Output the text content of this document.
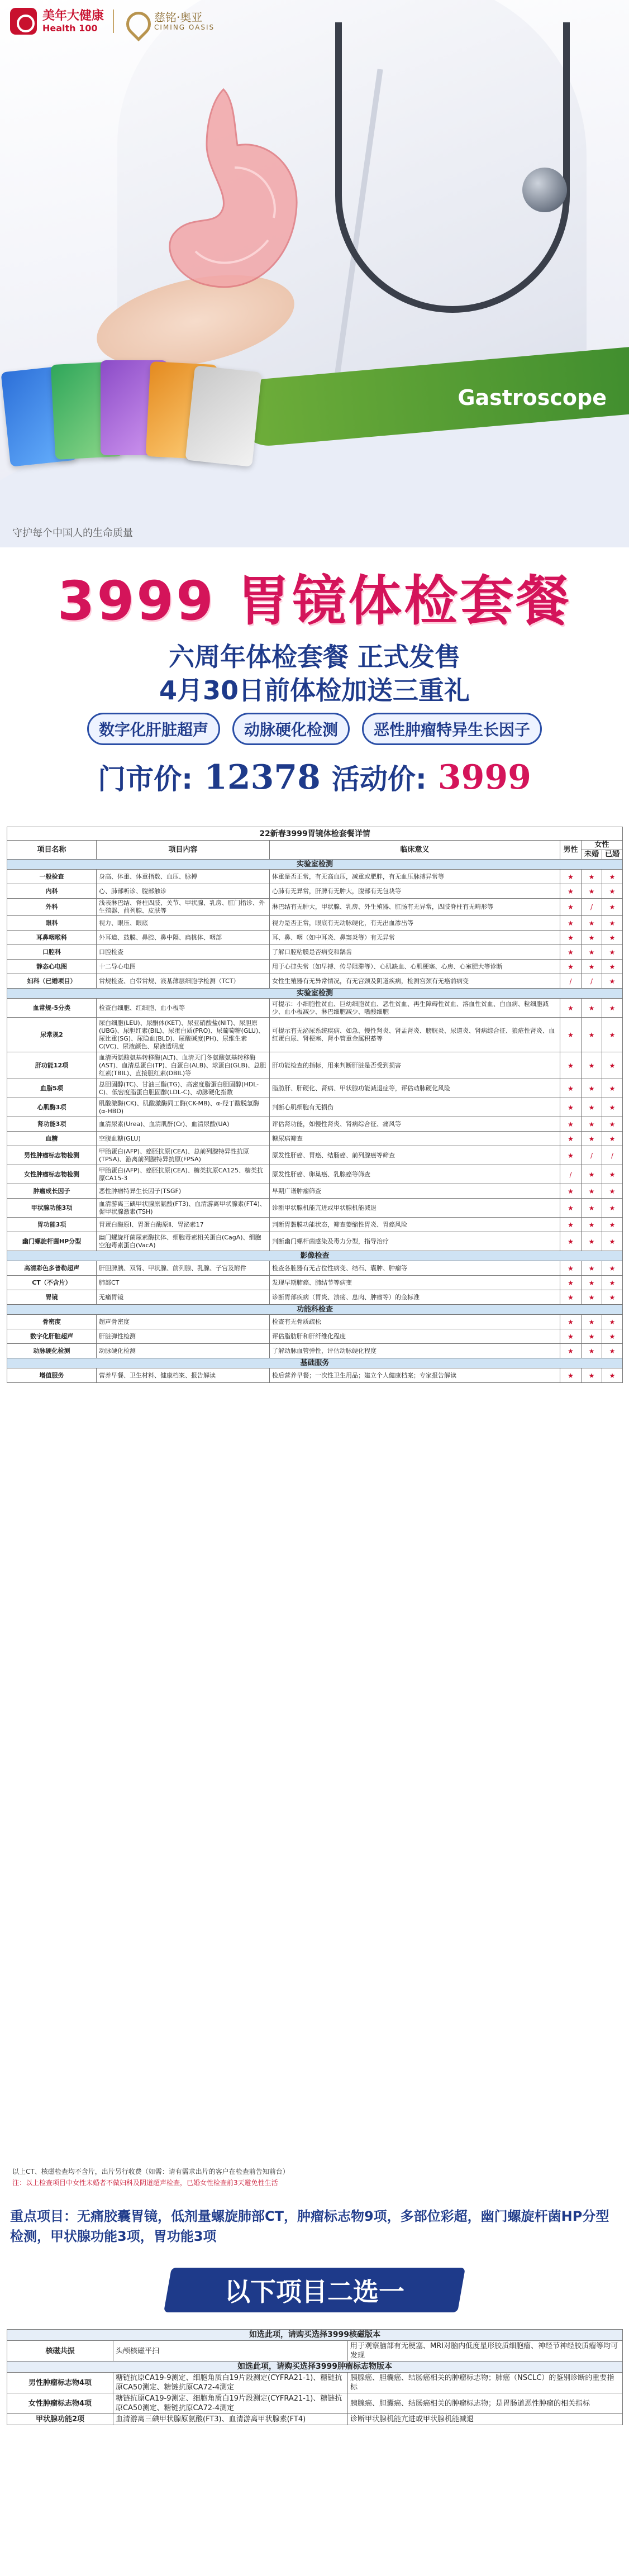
Gastroscope
美年大健康
Health 100
慈铭·奥亚
CIMING OASIS
守护每个中国人的生命质量
3999 胃镜体检套餐
六周年体检套餐 正式发售
4月30日前体检加送三重礼
数字化肝脏超声	动脉硬化检测	恶性肿瘤特异生长因子
门市价: 12378 活动价: 3999
22新春3999胃镜体检套餐详情					
项目名称	项目内容	临床意义	男性	女性	
				未婚	已婚
实验室检测					
一般检查	身高、体重、体重指数、血压、脉搏	体重是否正常，有无高血压，减重或肥胖，有无血压脉搏异常等	★	★	★
内科	心、肺部听诊、腹部触诊	心肺有无异常，肝脾有无肿大，腹部有无包块等	★	★	★
外科	浅表淋巴结、脊柱四肢、关节、甲状腺、乳房、肛门指诊、外生殖器、前列腺、皮肤等	淋巴结有无肿大，甲状腺、乳房、外生殖器、肛肠有无异常，四肢脊柱有无畸形等	★	/	★
眼科	视力、眼压、眼底	视力是否正常，眼底有无动脉硬化，有无出血渗出等	★	★	★
耳鼻咽喉科	外耳道、鼓膜、鼻腔、鼻中隔、扁桃体、咽部	耳、鼻、咽（如中耳炎、鼻窦炎等）有无异常	★	★	★
口腔科	口腔检查	了解口腔粘膜是否病变和龋齿	★	★	★
静态心电图	十二导心电图	用于心律失常（如早搏、传导阻滞等）、心肌缺血、心肌梗塞、心房、心室肥大等诊断	★	★	★
妇科（已婚项目）	常规检查、白带常规、液基薄层细胞学检测（TCT）	女性生殖器有无异常情况，有无宫颈及阴道疾病，检测宫颈有无癌前病变	/	/	★
实验室检测					
血常规-5分类	检查白细胞、红细胞、血小板等	可提示：小细胞性贫血、巨幼细胞贫血、恶性贫血、再生障碍性贫血、溶血性贫血、白血病、粒细胞减少、血小板减少、淋巴细胞减少、嗜酸细胞	★	★	★
尿常规2	尿白细胞(LEU)、尿酮体(KET)、尿亚硝酸盐(NIT)、尿胆原(UBG)、尿胆红素(BIL)、尿蛋白质(PRO)、尿葡萄糖(GLU)、尿比重(SG)、尿隐血(BLD)、尿酸碱度(PH)、尿维生素C(VC)、尿液颜色、尿液透明度	可提示有无泌尿系统疾病、如急、慢性肾炎、肾盂肾炎、膀胱炎、尿道炎、肾病综合征、狼疮性肾炎、血红蛋白尿、肾梗塞、肾小管重金属积蓄等	★	★	★
肝功能12项	血清丙氨酸氨基转移酶(ALT)、血清天门冬氨酸氨基转移酶(AST)、血清总蛋白(TP)、白蛋白(ALB)、球蛋白(GLB)、总胆红素(TBIL)、直接胆红素(DBIL)等	肝功能检查的指标，用来判断肝脏是否受到损害	★	★	★
血脂5项	总胆固醇(TC)、甘油三酯(TG)、高密度脂蛋白胆固醇(HDL-C)、低密度脂蛋白胆固醇(LDL-C)、动脉硬化指数	脂肪肝、肝硬化、肾病、甲状腺功能减退症等，评估动脉硬化风险	★	★	★
心肌酶3项	肌酸激酶(CK)、肌酸激酶同工酶(CK-MB)、α-羟丁酸脱氢酶(α-HBD)	判断心肌细胞有无损伤	★	★	★
肾功能3项	血清尿素(Urea)、血清肌酐(Cr)、血清尿酸(UA)	评估肾功能，如慢性肾炎、肾病综合征、痛风等	★	★	★
血糖	空腹血糖(GLU)	糖尿病筛查	★	★	★
男性肿瘤标志物检测	甲胎蛋白(AFP)、癌胚抗原(CEA)、总前列腺特异性抗原(TPSA)、游离前列腺特异抗原(FPSA)	原发性肝癌、胃癌、结肠癌、前列腺癌等筛查	★	/	/
女性肿瘤标志物检测	甲胎蛋白(AFP)、癌胚抗原(CEA)、糖类抗原CA125、糖类抗原CA15-3	原发性肝癌、卵巢癌、乳腺癌等筛查	/	★	★
肿瘤成长因子	恶性肿瘤特异生长因子(TSGF)	早期广谱肿瘤筛查	★	★	★
甲状腺功能3项	血清游离三碘甲状腺原氨酸(FT3)、血清游离甲状腺素(FT4)、促甲状腺激素(TSH)	诊断甲状腺机能亢进或甲状腺机能减退	★	★	★
胃功能3项	胃蛋白酶原Ⅰ、胃蛋白酶原Ⅱ、胃泌素17	判断胃黏膜功能状态，筛查萎缩性胃炎、胃癌风险	★	★	★
幽门螺旋杆菌HP分型	幽门螺旋杆菌尿素酶抗体、细胞毒素相关蛋白(CagA)、细胞空泡毒素蛋白(VacA)	判断幽门螺杆菌感染及毒力分型，指导治疗	★	★	★
影像检查					
高清彩色多普勒超声	肝胆脾胰、双肾、甲状腺、前列腺、乳腺、子宫及附件	检查各脏器有无占位性病变、结石、囊肿、肿瘤等	★	★	★
CT（不含片）	肺部CT	发现早期肺癌、肺结节等病变	★	★	★
胃镜	无痛胃镜	诊断胃部疾病（胃炎、溃疡、息肉、肿瘤等）的金标准	★	★	★
功能科检查					
骨密度	超声骨密度	检查有无骨质疏松	★	★	★
数字化肝脏超声	肝脏弹性检测	评估脂肪肝和肝纤维化程度	★	★	★
动脉硬化检测	动脉硬化检测	了解动脉血管弹性，评估动脉硬化程度	★	★	★
基础服务					
增值服务	营养早餐、卫生材料、健康档案、报告解读	检后营养早餐；一次性卫生用品；建立个人健康档案；专家报告解读	★	★	★
以上CT、核磁检查均不含片，出片另行收费（如需：请有需求出片的客户在检查前告知前台）
注：以上检查项目中女性未婚者不做妇科及阴道超声检查，已婚女性检查前3天避免性生活
重点项目：无痛胶囊胃镜，低剂量螺旋肺部CT，肿瘤标志物9项，多部位彩超，幽门螺旋杆菌HP分型检测，甲状腺功能3项，胃功能3项
以下项目二选一
如选此项，请购买选择3999核磁版本		
核磁共振	头颅核磁平扫	用于观察脑部有无梗塞、MRI对脑内低度星形胶质细胞瘤、神经节神经胶质瘤等均可发现
如选此项，请购买选择3999肿瘤标志物版本		
男性肿瘤标志物4项	糖链抗原CA19-9测定、细胞角质白19片段测定(CYFRA21-1)、糖链抗原CA50测定、糖链抗原CA72-4测定	胰腺癌、胆囊癌、结肠癌相关的肿瘤标志物；肺癌（NSCLC）的鉴别诊断的重要指标
女性肿瘤标志物4项	糖链抗原CA19-9测定、细胞角质白19片段测定(CYFRA21-1)、糖链抗原CA50测定、糖链抗原CA72-4测定	胰腺癌、胆囊癌、结肠癌相关的肿瘤标志物；是胃肠道恶性肿瘤的相关指标
甲状腺功能2项	血清游离三碘甲状腺原氨酸(FT3)、血清游离甲状腺素(FT4)	诊断甲状腺机能亢进或甲状腺机能减退
